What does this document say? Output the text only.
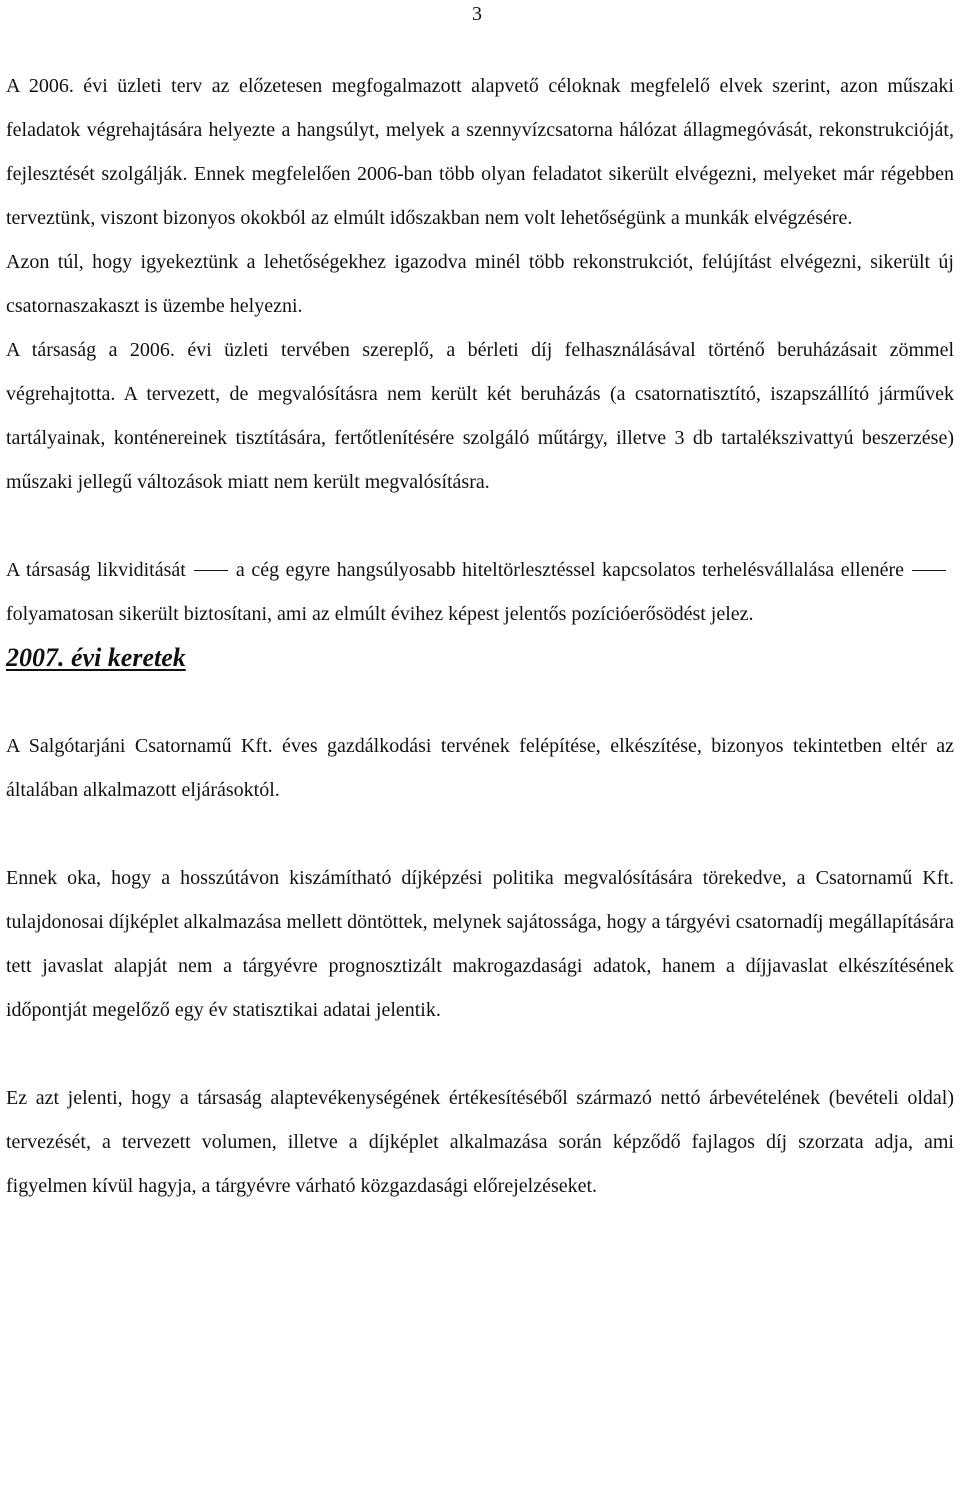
3

A 2006. évi üzleti terv az előzetesen megfogalmazott alapvető céloknak megfelelő elvek szerint, azon műszaki feladatok végrehajtására helyezte a hangsúlyt, melyek a szennyvízcsatorna hálózat állagmegóvását, rekonstrukcióját, fejlesztését szolgálják. Ennek megfelelően 2006-ban több olyan feladatot sikerült elvégezni, melyeket már régebben terveztünk, viszont bizonyos okokból az elmúlt időszakban nem volt lehetőségünk a munkák elvégzésére.

Azon túl, hogy igyekeztünk a lehetőségekhez igazodva minél több rekonstrukciót, felújítást elvégezni, sikerült új csatornaszakaszt is üzembe helyezni.

A társaság a 2006. évi üzleti tervében szereplő, a bérleti díj felhasználásával történő beruházásait zömmel végrehajtotta. A tervezett, de megvalósításra nem került két beruházás (a csatornatisztító, iszapszállító járművek tartályainak, konténereinek tisztítására, fertőtlenítésére szolgáló műtárgy, illetve 3 db tartalékszivattyú beszerzése) műszaki jellegű változások miatt nem került megvalósításra.

A társaság likviditását	a cég egyre hangsúlyosabb hiteltörlesztéssel kapcsolatos terhelésvállalása ellenérefolyamatosan sikerült biztosítani, ami az elmúlt évihez képest jelentős pozícióerősödést jelez.

2007. évi keretek

A Salgótarjáni Csatornamű Kft. éves gazdálkodási tervének felépítése, elkészítése, bizonyos tekintetben eltér az általában alkalmazott eljárásoktól.

Ennek oka, hogy a hosszútávon kiszámítható díjképzési politika megvalósítására törekedve, a Csatornamű Kft. tulajdonosai díjképlet alkalmazása mellett döntöttek, melynek sajátossága, hogy a tárgyévi csatornadíj megállapítására tett javaslat alapját nem a tárgyévre prognosztizált makrogazdasági adatok, hanem a díjjavaslat elkészítésének időpontját megelőző egy év statisztikai adatai jelentik.

Ez azt jelenti, hogy a társaság alaptevékenységének értékesítéséből származó nettó árbevételének (bevételi oldal) tervezését, a tervezett volumen, illetve a díjképlet alkalmazása során képződő fajlagos díj szorzata adja, ami figyelmen kívül hagyja, a tárgyévre várható közgazdasági előrejelzéseket.
